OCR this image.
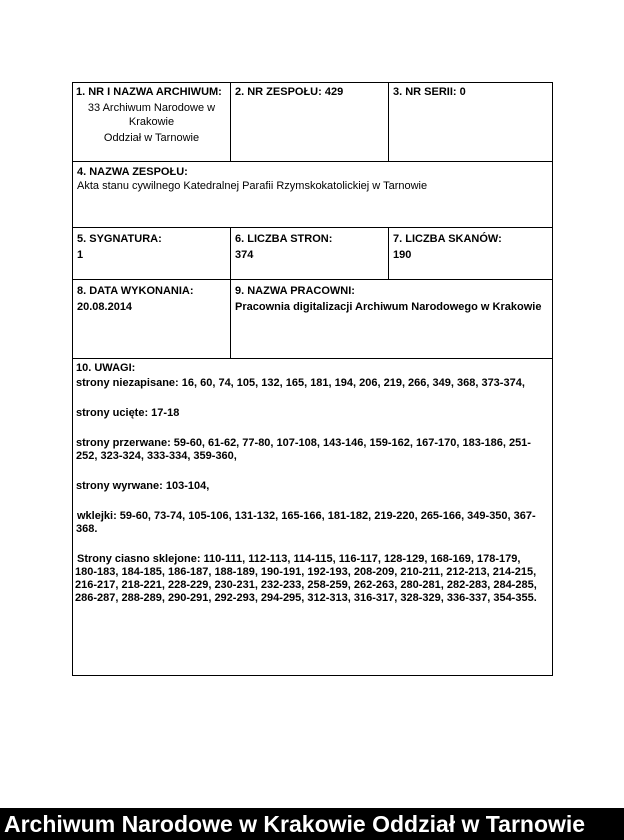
1. NR I NAZWA ARCHIWUM:
33 Archiwum Narodowe w
Krakowie
Oddział w Tarnowie
2. NR ZESPOŁU: 429	3. NR SERII: 0
4. NAZWA ZESPOŁU:
Akta stanu cywilnego Katedralnej Parafii Rzymskokatolickiej w Tarnowie
5. SYGNATURA:
1
6. LICZBA STRON:
374
7. LICZBA SKANÓW:
190
8. DATA WYKONANIA:
20.08.2014
9. NAZWA PRACOWNI:
Pracownia digitalizacji Archiwum Narodowego w Krakowie
10. UWAGI:

strony niezapisane: 16, 60, 74, 105, 132, 165, 181, 194, 206, 219, 266, 349, 368, 373-374,

strony ucięte: 17-18

strony przerwane: 59-60, 61-62, 77-80, 107-108, 143-146, 159-162, 167-170, 183-186, 251-

252, 323-324, 333-334, 359-360,

strony wyrwane: 103-104,

wklejki: 59-60, 73-74, 105-106, 131-132, 165-166, 181-182, 219-220, 265-166, 349-350, 367-

368.

Strony ciasno sklejone: 110-111, 112-113, 114-115, 116-117, 128-129, 168-169, 178-179,

180-183, 184-185, 186-187, 188-189, 190-191, 192-193, 208-209, 210-211, 212-213, 214-215,

216-217, 218-221, 228-229, 230-231, 232-233, 258-259, 262-263, 280-281, 282-283, 284-285,

286-287, 288-289, 290-291, 292-293, 294-295, 312-313, 316-317, 328-329, 336-337, 354-355.

Archiwum Narodowe w Krakowie Oddział w Tarnowie
